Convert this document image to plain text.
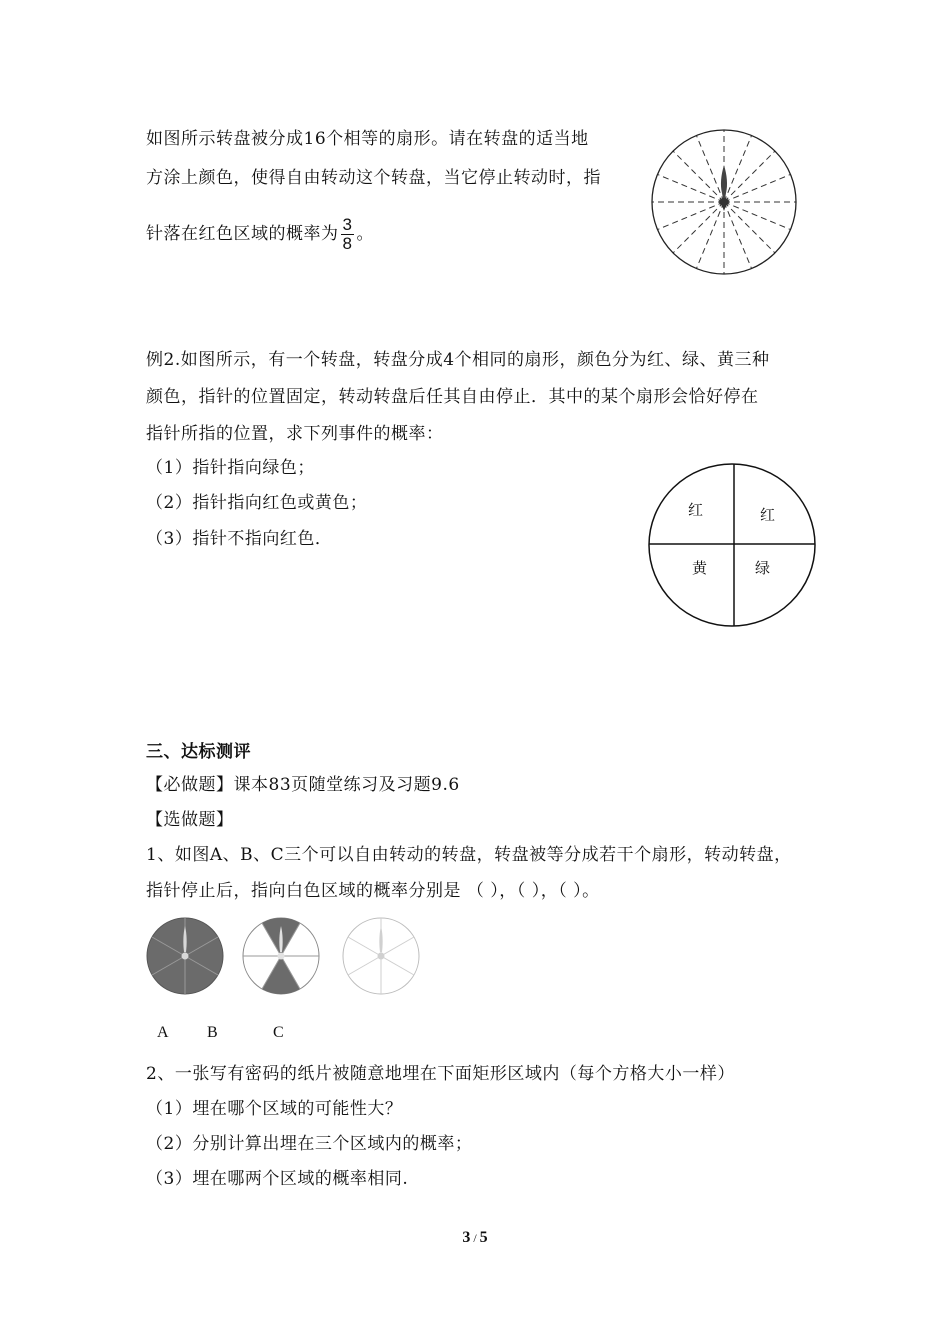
如图所示转盘被分成16个相等的扇形。请在转盘的适当地
方涂上颜色，使得自由转动这个转盘，当它停止转动时，指
针落在红色区域的概率为 $\frac{3}{8}$ 。
例2.如图所示，有一个转盘，转盘分成4个相同的扇形，颜色分为红、绿、黄三种
颜色，指针的位置固定，转动转盘后任其自由停止．其中的某个扇形会恰好停在
指针所指的位置，求下列事件的概率：
（1）指针指向绿色；
（2）指针指向红色或黄色；
（3）指针不指向红色．
红	红
黄	绿
三、达标测评
【必做题】课本83页随堂练习及习题9.6
【选做题】
1、如图A、B、C三个可以自由转动的转盘，转盘被等分成若干个扇形，转动转盘，
指针停止后，指向白色区域的概率分别是 （ ），（ ），（ ）。
A B	C
2、一张写有密码的纸片被随意地埋在下面矩形区域内（每个方格大小一样）
（1）埋在哪个区域的可能性大？
（2）分别计算出埋在三个区域内的概率；
（3）埋在哪两个区域的概率相同.
3 / 5
